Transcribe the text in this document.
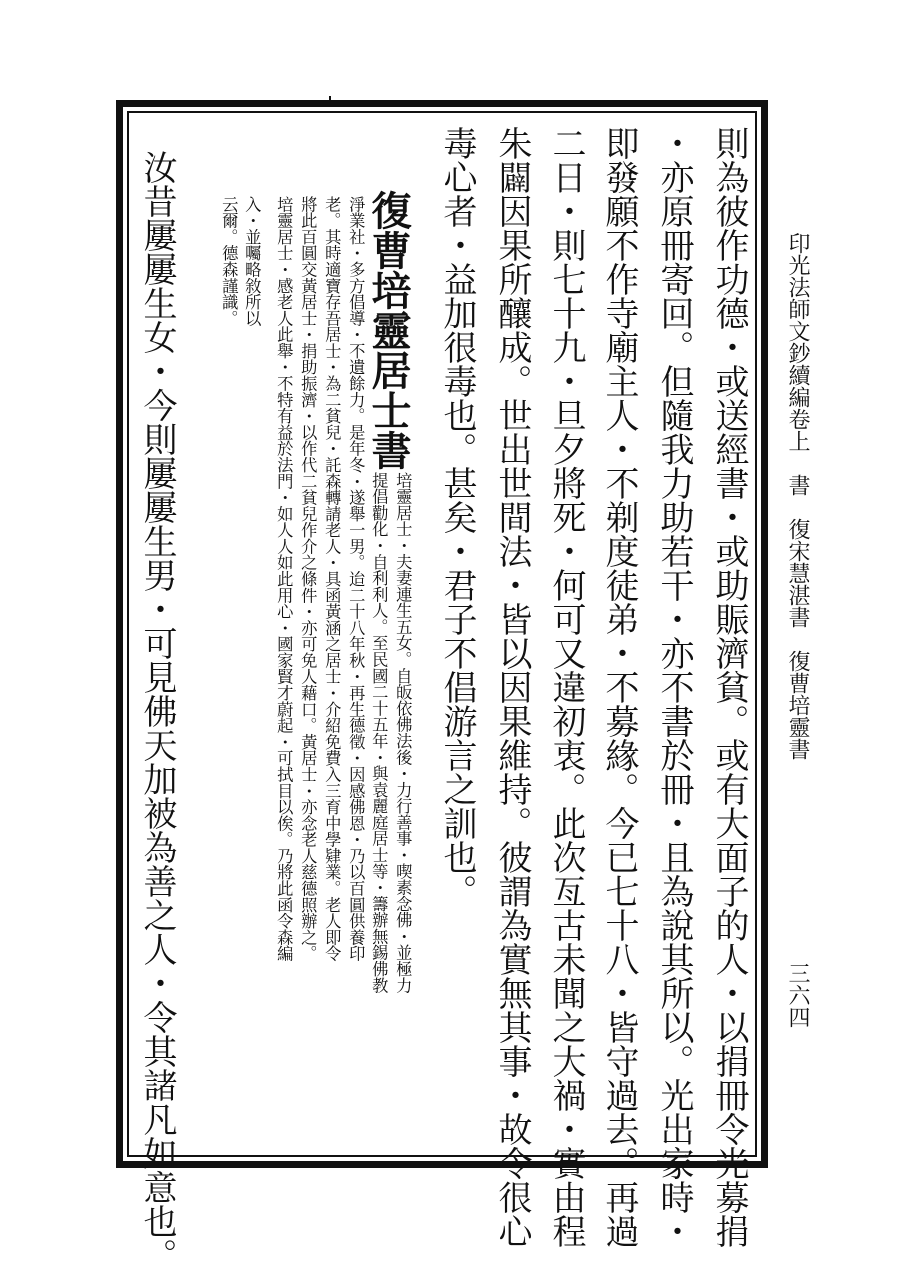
印光法師文鈔續編卷上　書　復宋慧湛書　復曹培靈書
三六四
則為彼作功德・或送經書・或助賑濟貧。或有大面子的人・以捐冊令光募捐
・亦原冊寄回。但隨我力助若干・亦不書於冊・且為說其所以。光出家時・
即發願不作寺廟主人・不剃度徒弟・不募緣。今已七十八・皆守過去。再過
二日・則七十九・旦夕將死・何可又違初衷。此次亙古未聞之大禍・實由程
朱闢因果所釀成。世出世間法・皆以因果維持。彼謂為實無其事・故令很心
毒心者・益加很毒也。甚矣・君子不倡游言之訓也。
復曹培靈居士書
培靈居士・夫妻連生五女。自皈依佛法後・力行善事・喫素念佛・並極力
提倡勸化・自利利人。至民國二十五年・與袁麗庭居士等・籌辦無錫佛教
淨業社・多方倡導・不遺餘力。是年冬・遂舉一男。迨二十八年秋・再生德徵・因感佛恩・乃以百圓供養印
老。其時適寶存吾居士・為二貧兒・託森轉請老人・具函黃涵之居士・介紹免費入三育中學肄業。老人即令
將此百圓交黃居士・捐助振濟・以作代二貧兒作介之條件・亦可免人藉口。黃居士・亦念老人慈德照辦之。
培靈居士・感老人此舉・不特有益於法門・如人人如此用心・國家賢才蔚起・可拭目以俟。乃將此函令森編
入・並囑略敘所以
云爾。德森謹識。
汝昔屢屢生女・今則屢屢生男・可見佛天加被為善之人・令其諸凡如意也。
